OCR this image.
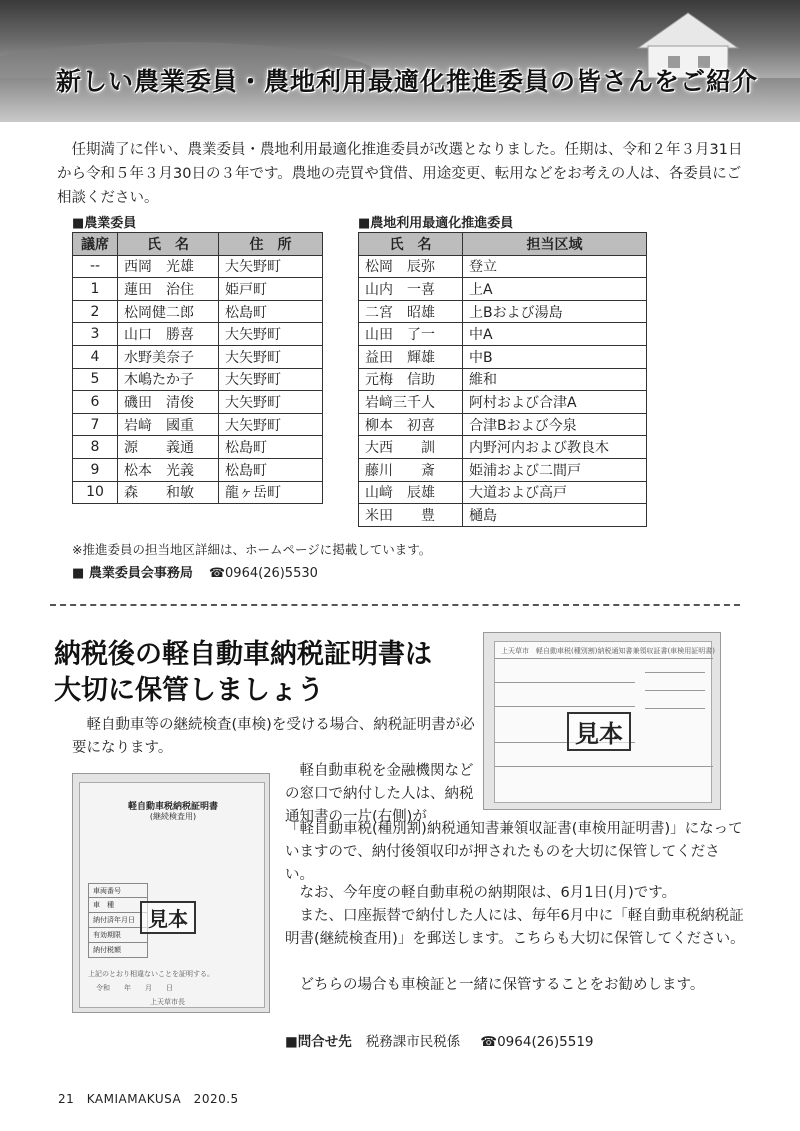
新しい農業委員・農地利用最適化推進委員の皆さんをご紹介

　任期満了に伴い、農業委員・農地利用最適化推進委員が改選となりました。任期は、令和２年３月31日から令和５年３月30日の３年です。農地の売買や貸借、用途変更、転用などをお考えの人は、各委員にご相談ください。

■ 農業委員
議席	氏　名	住　所
--	西岡　光雄	大矢野町
1	蓮田　治住	姫戸町
2	松岡健二郎	松島町
3	山口　勝喜	大矢野町
4	水野美奈子	大矢野町
5	木嶋たか子	大矢野町
6	磯田　清俊	大矢野町
7	岩﨑　國重	大矢野町
8	源　　義通	松島町
9	松本　光義	松島町
10	森　　和敏	龍ヶ岳町
■ 農地利用最適化推進委員
氏　名	担当区域
松岡　辰弥	登立
山内　一喜	上A
二宮　昭雄	上Bおよび湯島
山田　了一	中A
益田　輝雄	中B
元梅　信助	維和
岩﨑三千人	阿村および合津A
柳本　初喜	合津Bおよび今泉
大西　　訓	内野河内および教良木
藤川　　斎	姫浦および二間戸
山﨑　辰雄	大道および高戸
米田　　豊	樋島
※推進委員の担当地区詳細は、ホームページに掲載しています。
■ 農業委員会事務局 ☎0964(26)5530
納税後の軽自動車納税証明書は
大切に保管しましょう
上天草市　軽自動車税(種別割)納税通知書兼領収証書(車検用証明書)
見本
軽自動車税納税証明書
(継続検査用)
車両番号
車　種
納付済年月日
有効期限
納付税額
見本
上記のとおり相違ないことを証明する。
令和　　年　　月　　日
上天草市長

　軽自動車等の継続検査(車検)を受ける場合、納税証明書が必要になります。

　軽自動車税を金融機関などの窓口で納付した人は、納税通知書の一片(右側)が

「軽自動車税(種別割)納税通知書兼領収証書(車検用証明書)」になっていますので、納付後領収印が押されたものを大切に保管してください。

　なお、今年度の軽自動車税の納期限は、6月1日(月)です。

　また、口座振替で納付した人には、毎年6月中に「軽自動車税納税証明書(継続検査用)」を郵送します。こちらも大切に保管してください。

　どちらの場合も車検証と一緒に保管することをお勧めします。

■問合せ先 税務課市民税係 ☎0964(26)5519
21　KAMIAMAKUSA　2020.5
